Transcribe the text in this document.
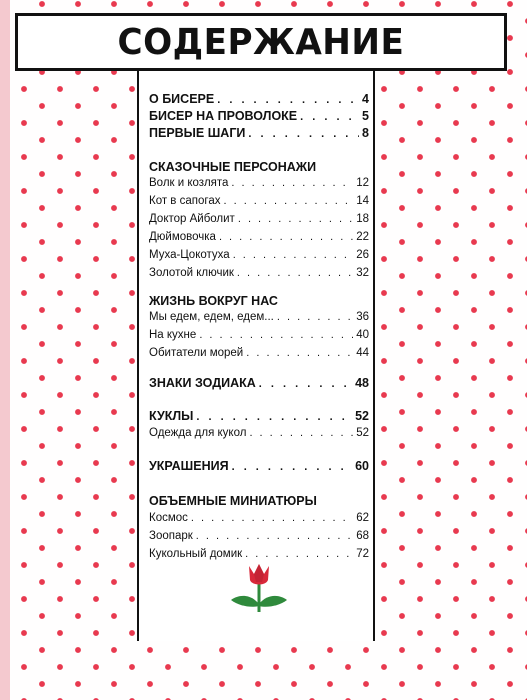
СОДЕРЖАНИЕ
О БИСЕРЕ . . .	4
БИСЕР НА ПРОВОЛОКЕ . . .	5
ПЕРВЫЕ ШАГИ . . .	8
СКАЗОЧНЫЕ ПЕРСОНАЖИ
Волк и козлята . . .	12
Кот в сапогах . . .	14
Доктор Айболит . . .	18
Дюймовочка . . .	22
Муха-Цокотуха . . .	26
Золотой ключик . . .	32
ЖИЗНЬ ВОКРУГ НАС
Мы едем, едем, едем... . . .	36
На кухне . . .	40
Обитатели морей . . .	44
ЗНАКИ ЗОДИАКА . . .	48
КУКЛЫ . . .	52
Одежда для кукол . . .	52
УКРАШЕНИЯ . . .	60
ОБЪЕМНЫЕ МИНИАТЮРЫ
Космос . . .	62
Зоопарк . . .	68
Кукольный домик . . .	72
